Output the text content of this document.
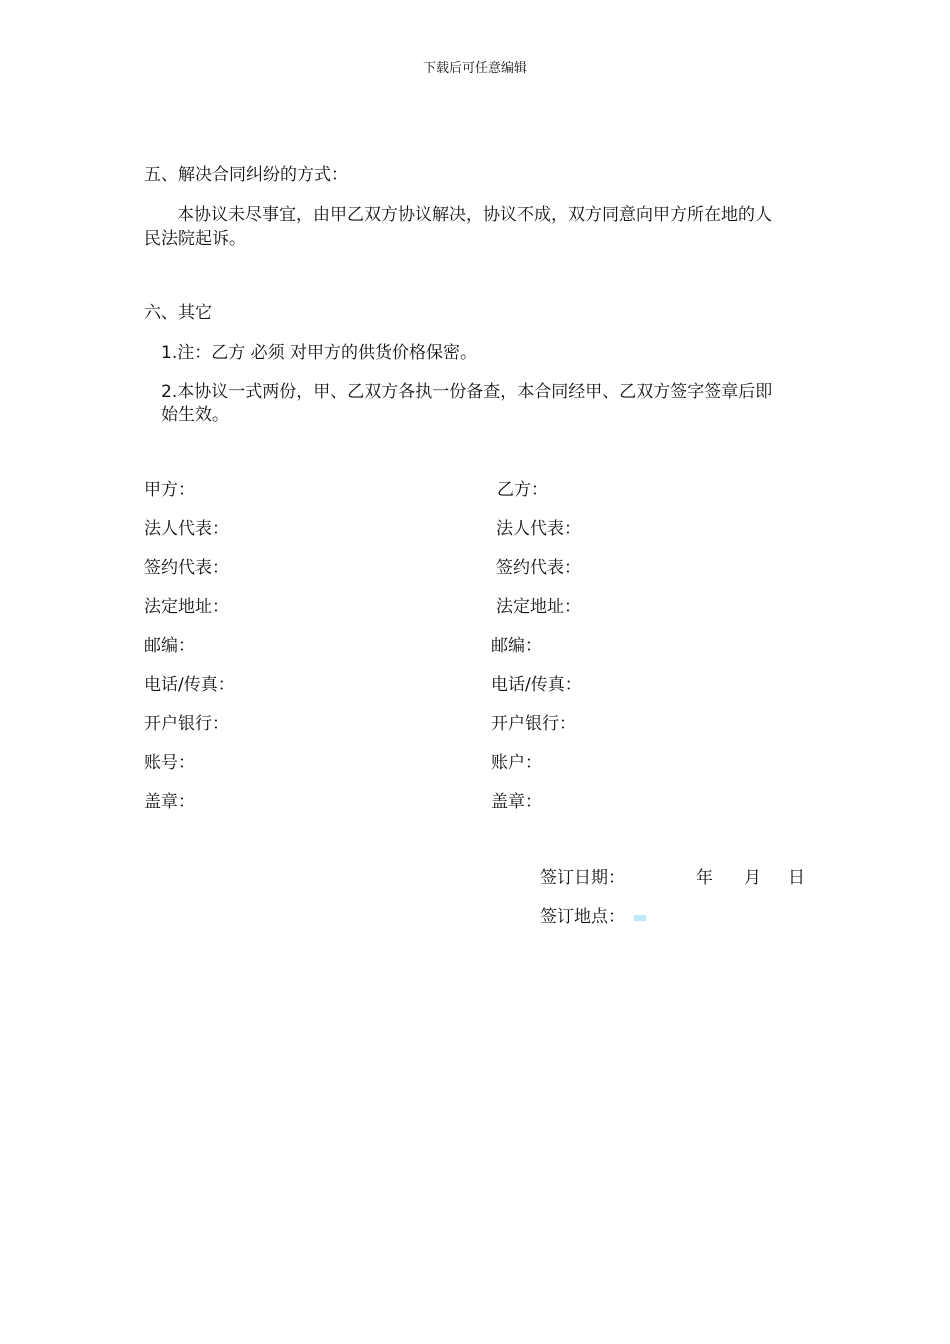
下载后可任意编辑
五、解决合同纠纷的方式：
本协议未尽事宜，由甲乙双方协议解决，协议不成，双方同意向甲方所在地的人
民法院起诉。
六、其它
1.注：乙方 必须 对甲方的供货价格保密。
2.本协议一式两份，甲、乙双方各执一份备查，本合同经甲、乙双方签字签章后即
始生效。
甲方：
法人代表：
签约代表：
法定地址：
邮编：
电话/传真：
开户银行：
账号：
盖章：
乙方：
法人代表：
签约代表：
法定地址：
邮编：
电话/传真：
开户银行：
账户：
盖章：
签订日期：	年 月 日
签订地点：
